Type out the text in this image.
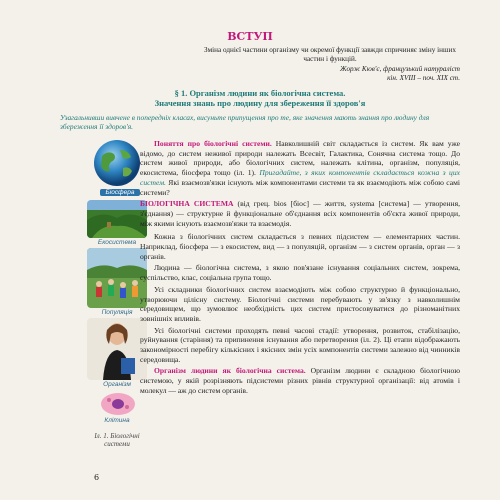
ВСТУП
Зміна однієї частини організму чи окремої функції завжди спричиняє зміну інших частин і функцій.
Жорж Кюв'є, французький натураліст
кін. XVIII – поч. XIX ст.
§ 1. Організм людини як біологічна система.
Значення знань про людину для збереження її здоров'я
Узагальнивши вивчене в попередніх класах, висуньте припущення про те, яке значення мають знання про людину для збереження її здоров'я.
Біосфера
Екосистема
Популяція
Організм
Клітина
Іл. 1. Біологічні системи

Поняття про біологічні системи. Навколишній світ складається із систем. Як вам уже відомо, до систем неживої природи належать Всесвіт, Галактика, Сонячна система тощо. До систем живої природи, або біологічних систем, належать клітина, організм, популяція, екосистема, біосфера тощо (іл. 1). Пригадайте, з яких компонентів складається кожна з цих систем. Які взаємозв'язки існують між компонентами системи та як взаємодіють між собою самі системи?

БІОЛОГІЧНА СИСТЕМА (від грец. bios [біос] — життя, systema [система] — утворення, з'єднання) — структурне й функціональне об'єднання всіх компонентів об'єкта живої природи, між якими існують взаємозв'язки та взаємодія.

Кожна з біологічних систем складається з певних підсистем — елементарних частин. Наприклад, біосфера — з екосистем, вид — з популяцій, організм — з систем органів, орган — з органів.

Людина — біологічна система, з якою пов'язане існування соціальних систем, зокрема, суспільство, клас, соціальна група тощо.

Усі складники біологічних систем взаємодіють між собою структурно й функціонально, утворюючи цілісну систему. Біологічні системи перебувають у зв'язку з навколишнім середовищем, що зумовлює необхідність цих систем пристосовуватися до різноманітних зовнішніх впливів.

Усі біологічні системи проходять певні часові стадії: утворення, розвиток, стабілізацію, руйнування (старіння) та припинення існування або перетворення (іл. 2). Ці етапи відображають закономірності перебігу кількісних і якісних змін усіх компонентів системи залежно від чинників середовища.

Організм людини як біологічна система. Організм людини є складною біологічною системою, у якій розрізняють підсистеми різних рівнів структурної організації: від атомів і молекул — аж до систем органів.

6
